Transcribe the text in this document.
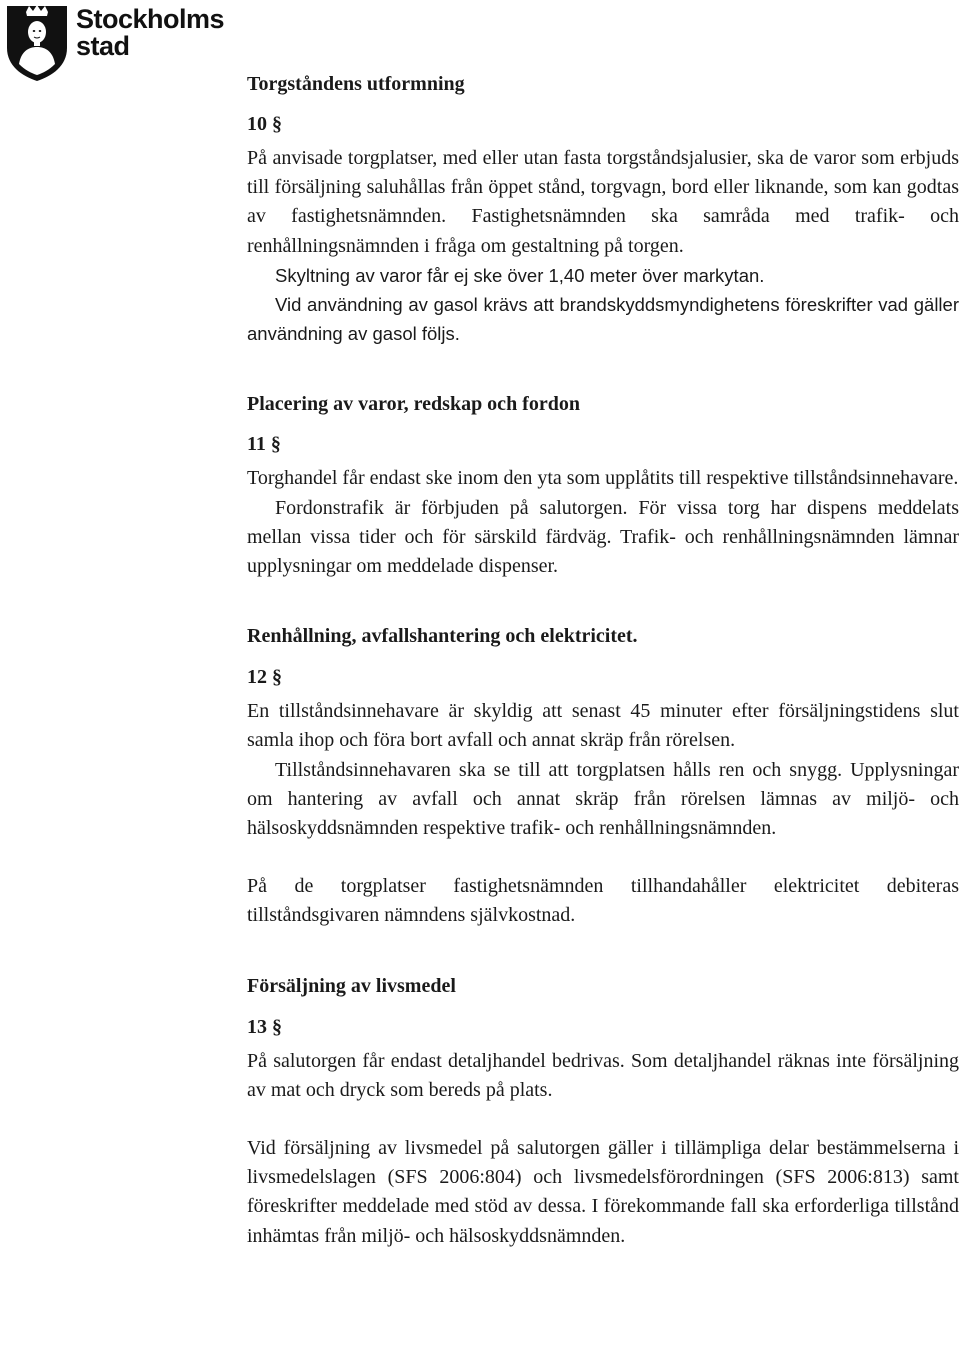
Stockholms
stad
Torgståndens utformning
10 §

På anvisade torgplatser, med eller utan fasta torgståndsjalusier, ska de varor som erbjuds till försäljning saluhållas från öppet stånd, torgvagn, bord eller liknande, som kan godtas av fastighetsnämnden. Fastighetsnämnden ska samråda med trafik- och renhållningsnämnden i fråga om gestaltning på torgen.

Skyltning av varor får ej ske över 1,40 meter över markytan.

Vid användning av gasol krävs att brandskyddsmyndighetens föreskrifter vad gäller användning av gasol följs.

Placering av varor, redskap och fordon
11 §

Torghandel får endast ske inom den yta som upplåtits till respektive tillståndsinnehavare.

Fordonstrafik är förbjuden på salutorgen. För vissa torg har dispens meddelats mellan vissa tider och för särskild färdväg. Trafik- och renhållningsnämnden lämnar upplysningar om meddelade dispenser.

Renhållning, avfallshantering och elektricitet.
12 §

En tillståndsinnehavare är skyldig att senast 45 minuter efter försäljningstidens slut samla ihop och föra bort avfall och annat skräp från rörelsen.

Tillståndsinnehavaren ska se till att torgplatsen hålls ren och snygg. Upplysningar om hantering av avfall och annat skräp från rörelsen lämnas av miljö- och hälsoskyddsnämnden respektive trafik- och renhållningsnämnden.

På de torgplatser fastighetsnämnden tillhandahåller elektricitet debiteras tillståndsgivaren nämndens självkostnad.

Försäljning av livsmedel
13 §

På salutorgen får endast detaljhandel bedrivas. Som detaljhandel räknas inte försäljning av mat och dryck som bereds på plats.

Vid försäljning av livsmedel på salutorgen gäller i tillämpliga delar bestämmelserna i livsmedelslagen (SFS 2006:804) och livsmedelsförordningen (SFS 2006:813) samt föreskrifter meddelade med stöd av dessa. I förekommande fall ska erforderliga tillstånd inhämtas från miljö- och hälsoskyddsnämnden.
